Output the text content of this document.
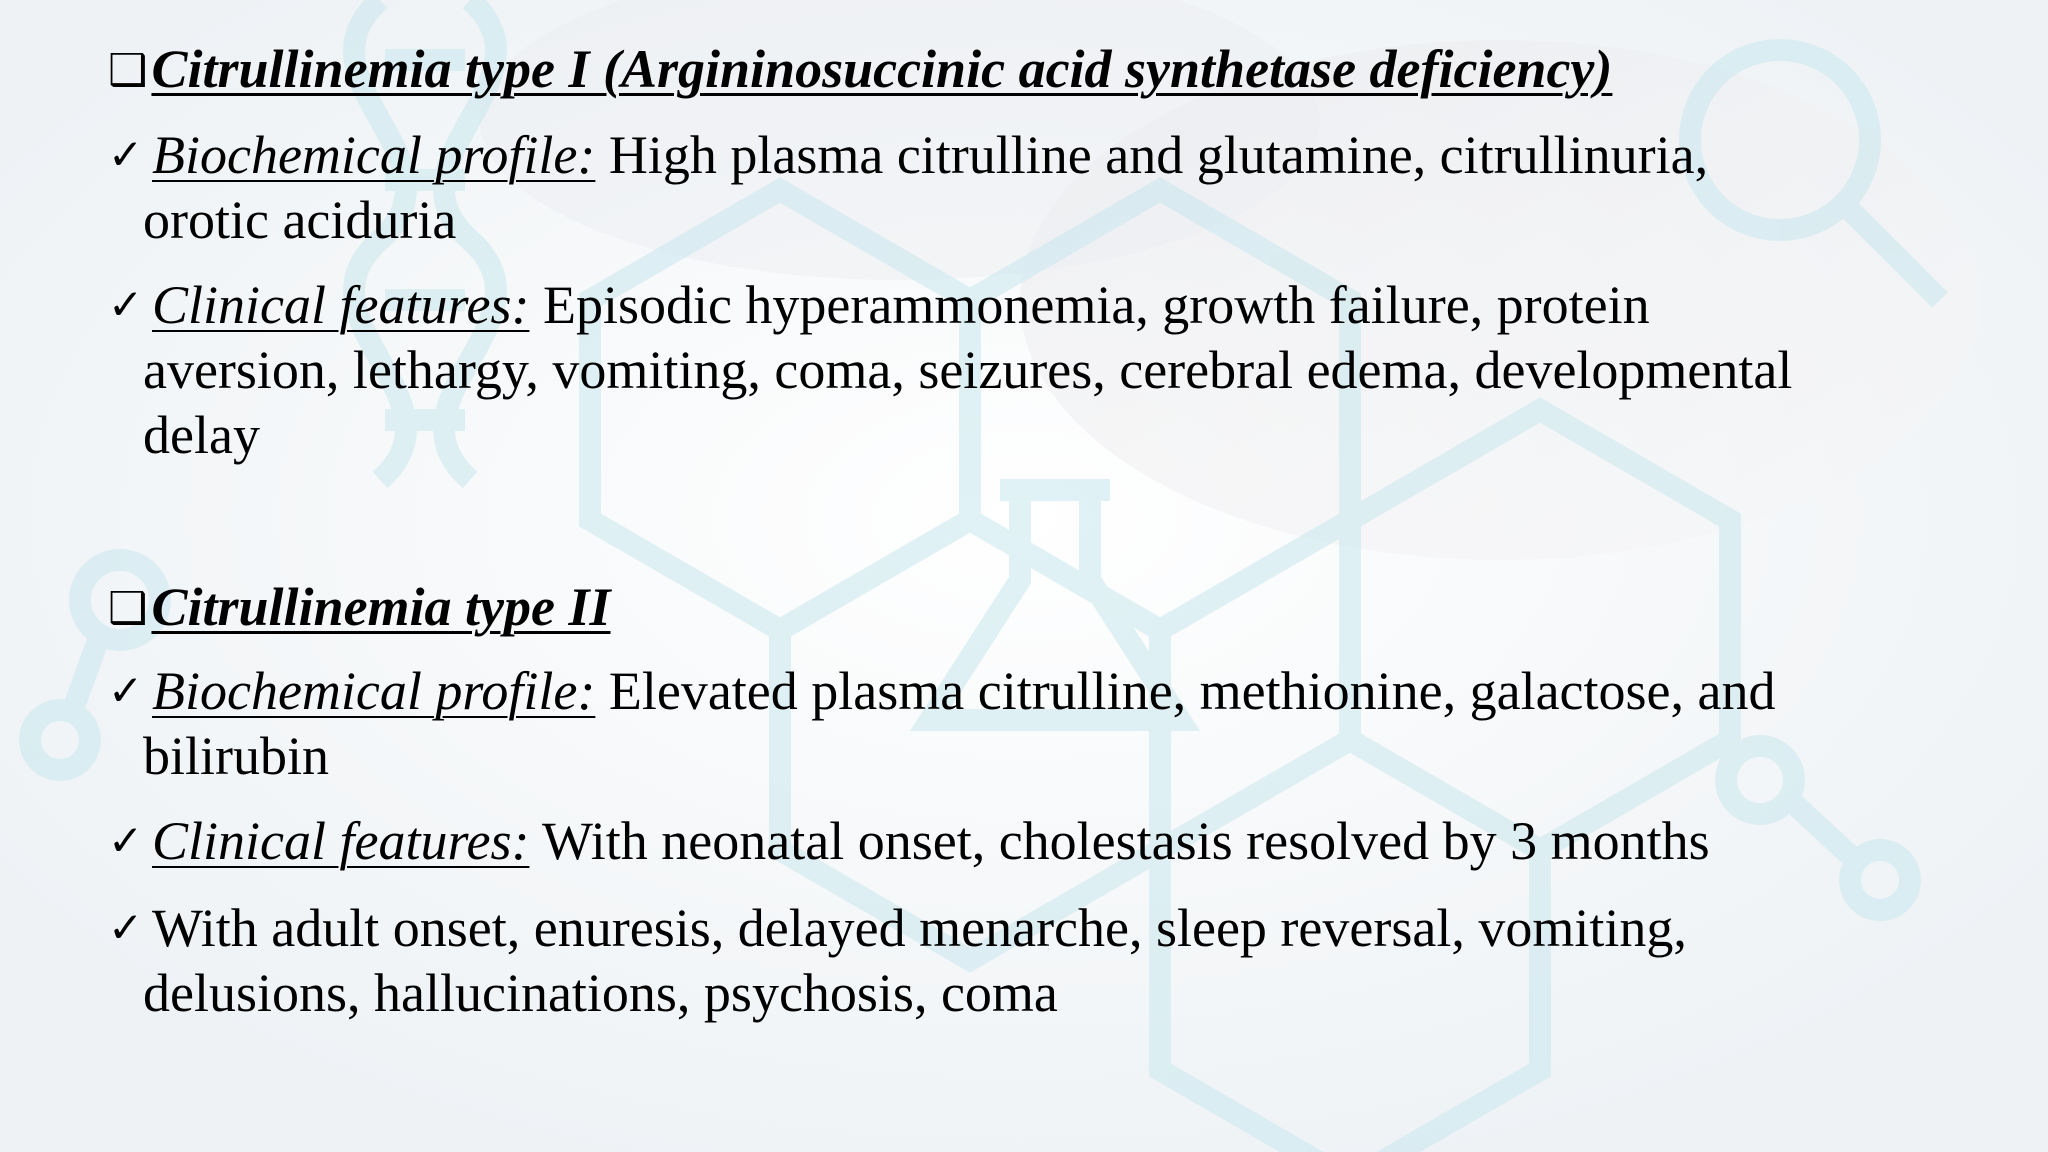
❑Citrullinemia type I (Argininosuccinic acid synthetase deficiency)
✓ Biochemical profile: High plasma citrulline and glutamine, citrullinuria,
orotic aciduria
✓ Clinical features: Episodic hyperammonemia, growth failure, protein
aversion, lethargy, vomiting, coma, seizures, cerebral edema, developmental
delay
❑Citrullinemia type II
✓ Biochemical profile: Elevated plasma citrulline, methionine, galactose, and
bilirubin
✓ Clinical features: With neonatal onset, cholestasis resolved by 3 months
✓ With adult onset, enuresis, delayed menarche, sleep reversal, vomiting,
delusions, hallucinations, psychosis, coma
